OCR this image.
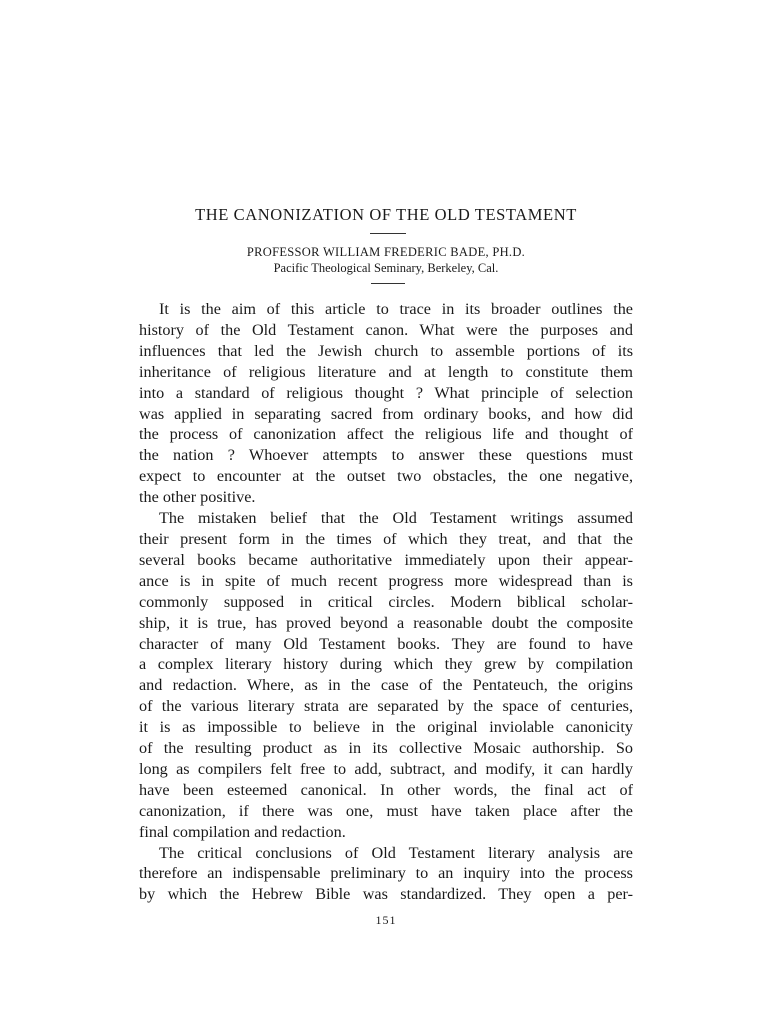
THE CANONIZATION OF THE OLD TESTAMENT
PROFESSOR WILLIAM FREDERIC BADE, PH.D.
Pacific Theological Seminary, Berkeley, Cal.
It is the aim of this article to trace in its broader outlines the
history of the Old Testament canon. What were the purposes and
influences that led the Jewish church to assemble portions of its
inheritance of religious literature and at length to constitute them
into a standard of religious thought ? What principle of selection
was applied in separating sacred from ordinary books, and how did
the process of canonization affect the religious life and thought of
the nation ? Whoever attempts to answer these questions must
expect to encounter at the outset two obstacles, the one negative,
the other positive.
The mistaken belief that the Old Testament writings assumed
their present form in the times of which they treat, and that the
several books became authoritative immediately upon their appear-
ance is in spite of much recent progress more widespread than is
commonly supposed in critical circles. Modern biblical scholar-
ship, it is true, has proved beyond a reasonable doubt the composite
character of many Old Testament books. They are found to have
a complex literary history during which they grew by compilation
and redaction. Where, as in the case of the Pentateuch, the origins
of the various literary strata are separated by the space of centuries,
it is as impossible to believe in the original inviolable canonicity
of the resulting product as in its collective Mosaic authorship. So
long as compilers felt free to add, subtract, and modify, it can hardly
have been esteemed canonical. In other words, the final act of
canonization, if there was one, must have taken place after the
final compilation and redaction.
The critical conclusions of Old Testament literary analysis are
therefore an indispensable preliminary to an inquiry into the process
by which the Hebrew Bible was standardized. They open a per-
151
